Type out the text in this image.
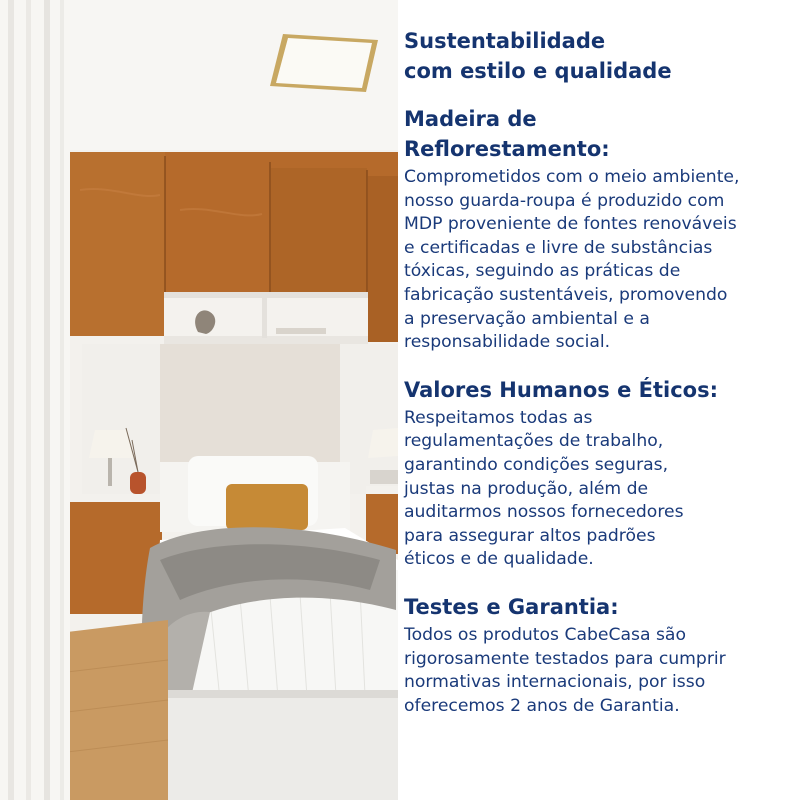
Sustentabilidade
com estilo e qualidade
Madeira de
Reflorestamento:

Comprometidos com o meio ambiente,
nosso guarda-roupa é produzido com
MDP proveniente de fontes renováveis
e certificadas e livre de substâncias
tóxicas, seguindo as práticas de
fabricação sustentáveis, promovendo
a preservação ambiental e a
responsabilidade social.

Valores Humanos e Éticos:

Respeitamos todas as
regulamentações de trabalho,
garantindo condições seguras,
justas na produção, além de
auditarmos nossos fornecedores
para assegurar altos padrões
éticos e de qualidade.

Testes e Garantia:

Todos os produtos CabeCasa são
rigorosamente testados para cumprir
normativas internacionais, por isso
oferecemos 2 anos de Garantia.
